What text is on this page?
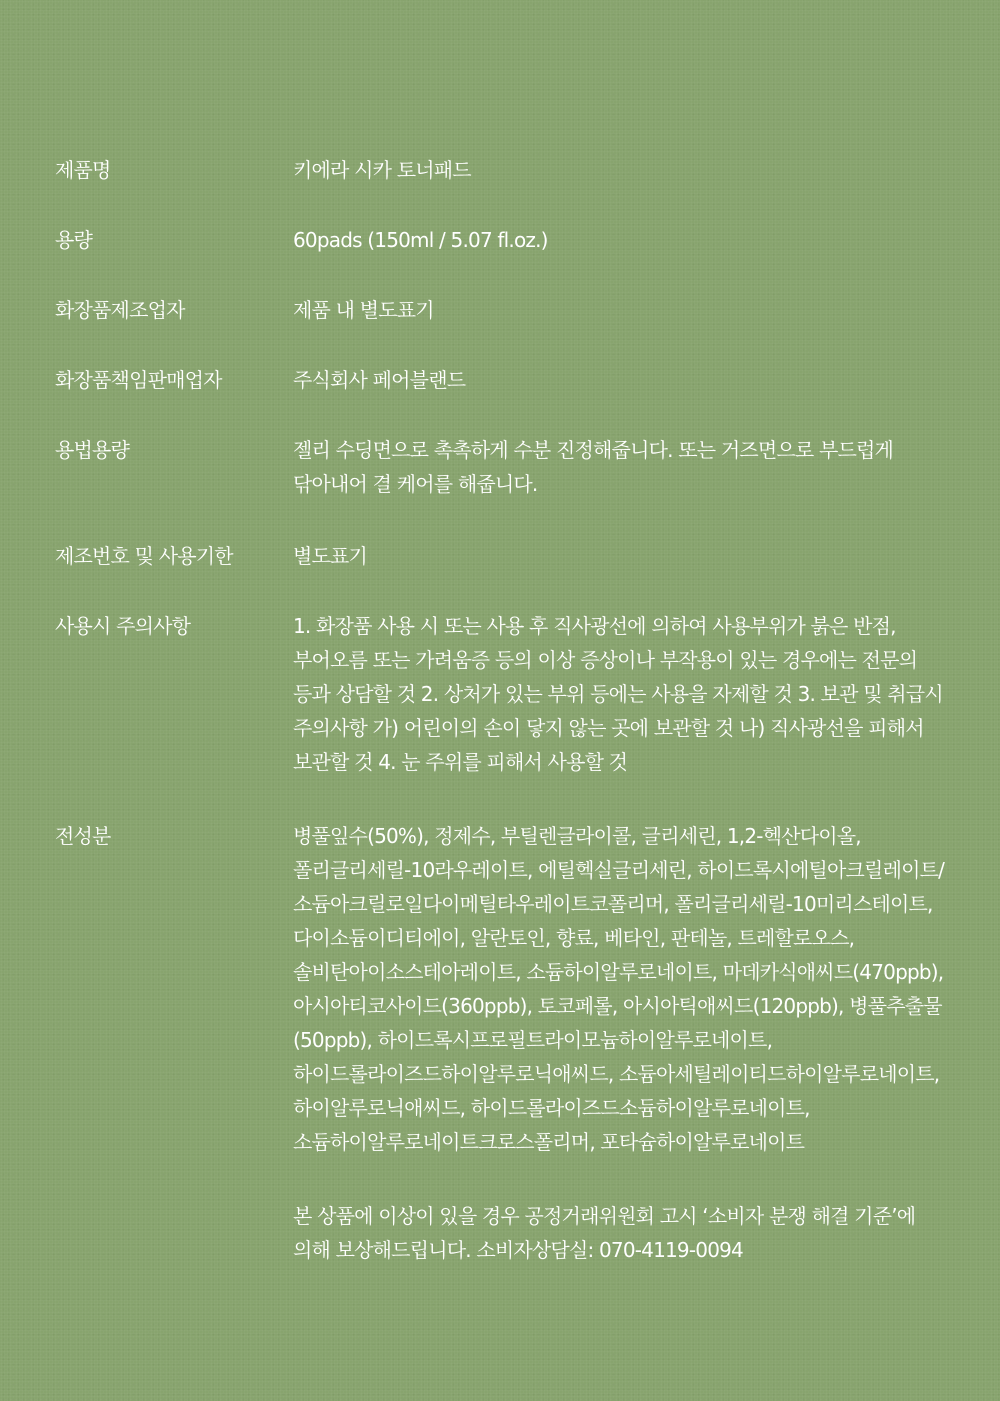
제품명	키에라 시카 토너패드
용량	60pads (150ml / 5.07 fl.oz.)
화장품제조업자	제품 내 별도표기
화장품책임판매업자	주식회사 페어블랜드
용법용량	젤리 수딩면으로 촉촉하게 수분 진정해줍니다. 또는 거즈면으로 부드럽게 닦아내어 결 케어를 해줍니다.
제조번호 및 사용기한	별도표기
사용시 주의사항	1. 화장품 사용 시 또는 사용 후 직사광선에 의하여 사용부위가 붉은 반점, 부어오름 또는 가려움증 등의 이상 증상이나 부작용이 있는 경우에는 전문의 등과 상담할 것 2. 상처가 있는 부위 등에는 사용을 자제할 것 3. 보관 및 취급시 주의사항 가) 어린이의 손이 닿지 않는 곳에 보관할 것 나) 직사광선을 피해서 보관할 것 4. 눈 주위를 피해서 사용할 것
전성분	병풀잎수(50%), 정제수, 부틸렌글라이콜, 글리세린, 1,2-헥산다이올, 폴리글리세릴-10라우레이트, 에틸헥실글리세린, 하이드록시에틸아크릴레이트/소듐아크릴로일다이메틸타우레이트코폴리머, 폴리글리세릴-10미리스테이트, 다이소듐이디티에이, 알란토인, 향료, 베타인, 판테놀, 트레할로오스, 솔비탄아이소스테아레이트, 소듐하이알루로네이트, 마데카식애씨드(470ppb), 아시아티코사이드(360ppb), 토코페롤, 아시아틱애씨드(120ppb), 병풀추출물(50ppb), 하이드록시프로필트라이모늄하이알루로네이트, 하이드롤라이즈드하이알루로닉애씨드, 소듐아세틸레이티드하이알루로네이트, 하이알루로닉애씨드, 하이드롤라이즈드소듐하이알루로네이트, 소듐하이알루로네이트크로스폴리머, 포타슘하이알루로네이트
본 상품에 이상이 있을 경우 공정거래위원회 고시 ‘소비자 분쟁 해결 기준’에 의해 보상해드립니다. 소비자상담실: 070-4119-0094
